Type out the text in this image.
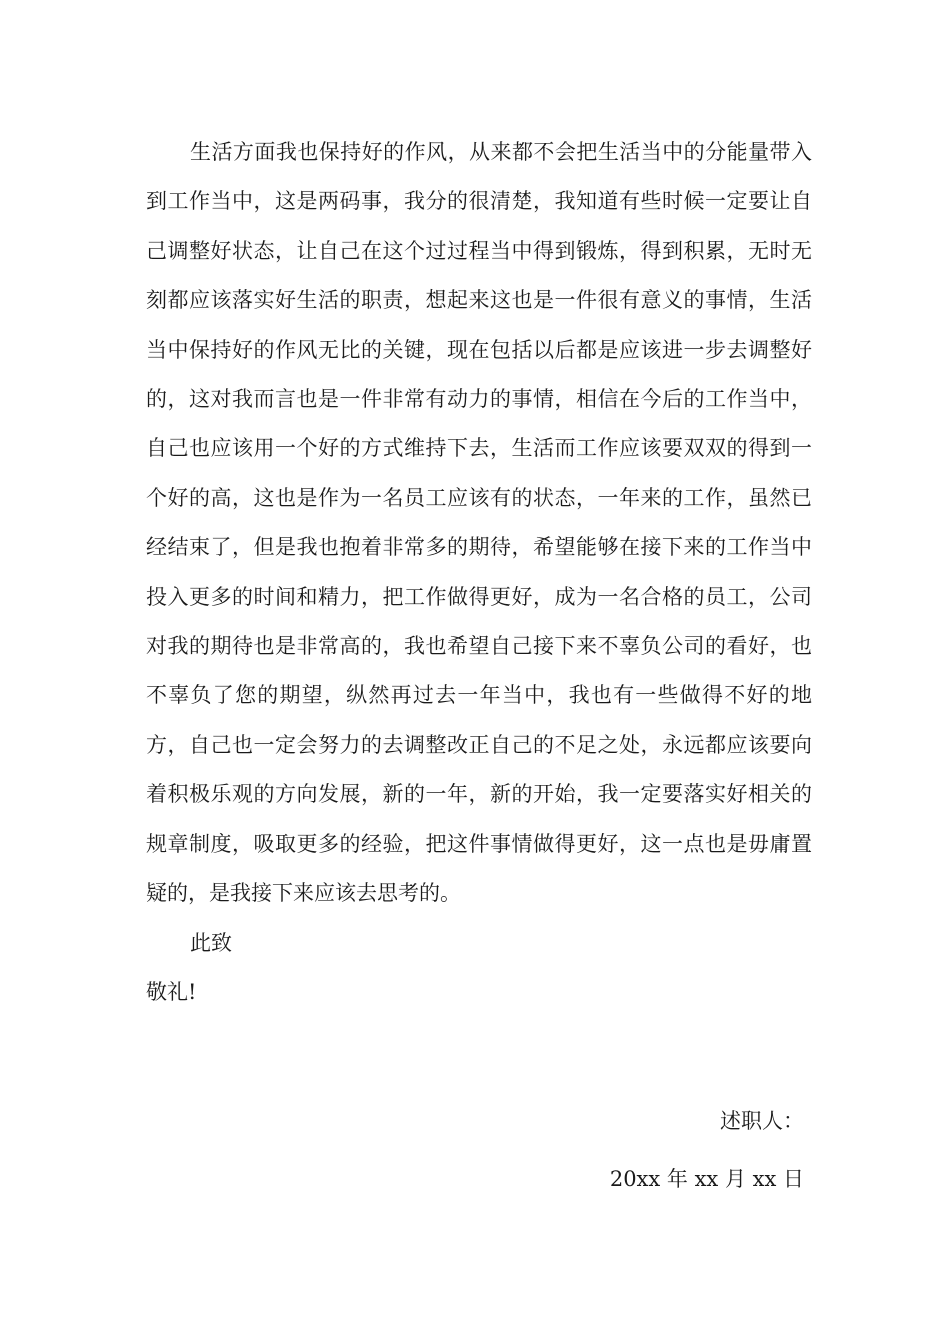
生活方面我也保持好的作风，从来都不会把生活当中的分能量带入到工作当中，这是两码事，我分的很清楚，我知道有些时候一定要让自己调整好状态，让自己在这个过过程当中得到锻炼，得到积累，无时无刻都应该落实好生活的职责，想起来这也是一件很有意义的事情，生活当中保持好的作风无比的关键，现在包括以后都是应该进一步去调整好的，这对我而言也是一件非常有动力的事情，相信在今后的工作当中，自己也应该用一个好的方式维持下去，生活而工作应该要双双的得到一个好的高，这也是作为一名员工应该有的状态，一年来的工作，虽然已经结束了，但是我也抱着非常多的期待，希望能够在接下来的工作当中投入更多的时间和精力，把工作做得更好，成为一名合格的员工，公司对我的期待也是非常高的，我也希望自己接下来不辜负公司的看好，也不辜负了您的期望，纵然再过去一年当中，我也有一些做得不好的地方，自己也一定会努力的去调整改正自己的不足之处，永远都应该要向着积极乐观的方向发展，新的一年，新的开始，我一定要落实好相关的规章制度，吸取更多的经验，把这件事情做得更好，这一点也是毋庸置疑的，是我接下来应该去思考的。

此致

敬礼!

述职人：
20xx 年 xx 月 xx 日
